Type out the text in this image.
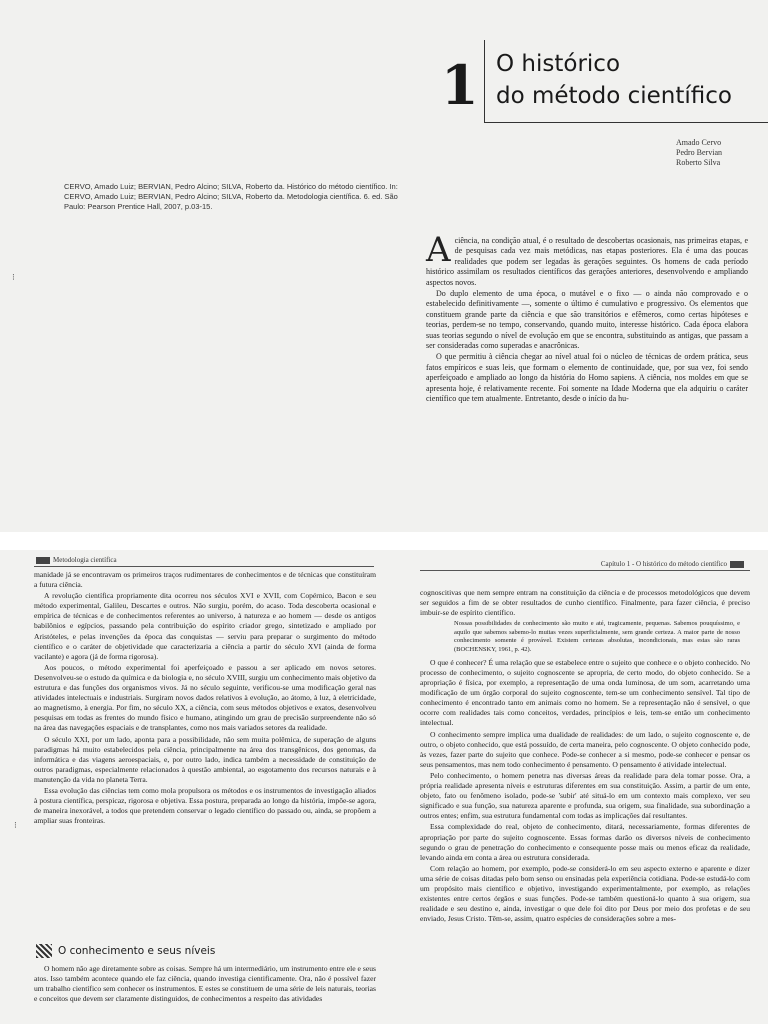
1 O histórico
do método científico
Amado Cervo
Pedro Bervian
Roberto Silva
CERVO, Amado Luiz; BERVIAN, Pedro Alcino; SILVA, Roberto da. Histórico do método científico. In: CERVO, Amado Luiz; BERVIAN, Pedro Alcino; SILVA, Roberto da. Metodologia científica. 6. ed. São Paulo: Pearson Prentice Hall, 2007, p.03-15.

A ciência, na condição atual, é o resultado de descobertas ocasionais, nas primeiras etapas, e de pesquisas cada vez mais metódicas, nas etapas posteriores. Ela é uma das poucas realidades que podem ser legadas às gerações seguintes. Os homens de cada período histórico assimilam os resultados científicos das gerações anteriores, desenvolvendo e ampliando aspectos novos.

Do duplo elemento de uma época, o mutável e o fixo — o ainda não comprovado e o estabelecido definitivamente —, somente o último é cumulativo e progressivo. Os elementos que constituem grande parte da ciência e que são transitórios e efêmeros, como certas hipóteses e teorias, perdem-se no tempo, conservando, quando muito, interesse histórico. Cada época elabora suas teorias segundo o nível de evolução em que se encontra, substituindo as antigas, que passam a ser consideradas como superadas e anacrônicas.

O que permitiu à ciência chegar ao nível atual foi o núcleo de técnicas de ordem prática, seus fatos empíricos e suas leis, que formam o elemento de continuidade, que, por sua vez, foi sendo aperfeiçoado e ampliado ao longo da história do Homo sapiens. A ciência, nos moldes em que se apresenta hoje, é relativamente recente. Foi somente na Idade Moderna que ela adquiriu o caráter científico que tem atualmente. Entretanto, desde o início da hu-

⁝
Metodologia científica

manidade já se encontravam os primeiros traços rudimentares de conhecimentos e de técnicas que constituíram a futura ciência.

A revolução científica propriamente dita ocorreu nos séculos XVI e XVII, com Copérnico, Bacon e seu método experimental, Galileu, Descartes e outros. Não surgiu, porém, do acaso. Toda descoberta ocasional e empírica de técnicas e de conhecimentos referentes ao universo, à natureza e ao homem — desde os antigos babilônios e egípcios, passando pela contribuição do espírito criador grego, sintetizado e ampliado por Aristóteles, e pelas invenções da época das conquistas — serviu para preparar o surgimento do método científico e o caráter de objetividade que caracterizaria a ciência a partir do século XVI (ainda de forma vacilante) e agora (já de forma rigorosa).

Aos poucos, o método experimental foi aperfeiçoado e passou a ser aplicado em novos setores. Desenvolveu-se o estudo da química e da biologia e, no século XVIII, surgiu um conhecimento mais objetivo da estrutura e das funções dos organismos vivos. Já no século seguinte, verificou-se uma modificação geral nas atividades intelectuais e industriais. Surgiram novos dados relativos à evolução, ao átomo, à luz, à eletricidade, ao magnetismo, à energia. Por fim, no século XX, a ciência, com seus métodos objetivos e exatos, desenvolveu pesquisas em todas as frentes do mundo físico e humano, atingindo um grau de precisão surpreendente não só na área das navegações espaciais e de transplantes, como nos mais variados setores da realidade.

O século XXI, por um lado, aponta para a possibilidade, não sem muita polêmica, de superação de alguns paradigmas há muito estabelecidos pela ciência, principalmente na área dos transgênicos, dos genomas, da informática e das viagens aeroespaciais, e, por outro lado, indica também a necessidade de constituição de outros paradigmas, especialmente relacionados à questão ambiental, ao esgotamento dos recursos naturais e à manutenção da vida no planeta Terra.

Essa evolução das ciências tem como mola propulsora os métodos e os instrumentos de investigação aliados à postura científica, perspicaz, rigorosa e objetiva. Essa postura, preparada ao longo da história, impõe-se agora, de maneira inexorável, a todos que pretendem conservar o legado científico do passado ou, ainda, se propõem a ampliar suas fronteiras.

O conhecimento e seus níveis

O homem não age diretamente sobre as coisas. Sempre há um intermediário, um instrumento entre ele e seus atos. Isso também acontece quando ele faz ciência, quando investiga cientificamente. Ora, não é possível fazer um trabalho científico sem conhecer os instrumentos. E estes se constituem de uma série de leis naturais, teorias e conceitos que devem ser claramente distinguidos, de conhecimentos a respeito das atividades

⁝
Capítulo 1 - O histórico do método científico

cognoscitivas que nem sempre entram na constituição da ciência e de processos metodológicos que devem ser seguidos a fim de se obter resultados de cunho científico. Finalmente, para fazer ciência, é preciso imbuir-se de espírito científico.

Nossas possibilidades de conhecimento são muito e até, tragicamente, pequenas. Sabemos pouquíssimo, e aquilo que sabemos sabemo-lo muitas vezes superficialmente, sem grande certeza. A maior parte de nosso conhecimento somente é provável. Existem certezas absolutas, incondicionais, mas estas são raras (BOCHENSKY, 1961, p. 42).

O que é conhecer? É uma relação que se estabelece entre o sujeito que conhece e o objeto conhecido. No processo de conhecimento, o sujeito cognoscente se apropria, de certo modo, do objeto conhecido. Se a apropriação é física, por exemplo, a representação de uma onda luminosa, de um som, acarretando uma modificação de um órgão corporal do sujeito cognoscente, tem-se um conhecimento sensível. Tal tipo de conhecimento é encontrado tanto em animais como no homem. Se a representação não é sensível, o que ocorre com realidades tais como conceitos, verdades, princípios e leis, tem-se então um conhecimento intelectual.

O conhecimento sempre implica uma dualidade de realidades: de um lado, o sujeito cognoscente e, de outro, o objeto conhecido, que está possuído, de certa maneira, pelo cognoscente. O objeto conhecido pode, às vezes, fazer parte do sujeito que conhece. Pode-se conhecer a si mesmo, pode-se conhecer e pensar os seus pensamentos, mas nem todo conhecimento é pensamento. O pensamento é atividade intelectual.

Pelo conhecimento, o homem penetra nas diversas áreas da realidade para dela tomar posse. Ora, a própria realidade apresenta níveis e estruturas diferentes em sua constituição. Assim, a partir de um ente, objeto, fato ou fenômeno isolado, pode-se 'subir' até situá-lo em um contexto mais complexo, ver seu significado e sua função, sua natureza aparente e profunda, sua origem, sua finalidade, sua subordinação a outros entes; enfim, sua estrutura fundamental com todas as implicações daí resultantes.

Essa complexidade do real, objeto de conhecimento, ditará, necessariamente, formas diferentes de apropriação por parte do sujeito cognoscente. Essas formas darão os diversos níveis de conhecimento segundo o grau de penetração do conhecimento e consequente posse mais ou menos eficaz da realidade, levando ainda em conta a área ou estrutura considerada.

Com relação ao homem, por exemplo, pode-se considerá-lo em seu aspecto externo e aparente e dizer uma série de coisas ditadas pelo bom senso ou ensinadas pela experiência cotidiana. Pode-se estudá-lo com um propósito mais científico e objetivo, investigando experimentalmente, por exemplo, as relações existentes entre certos órgãos e suas funções. Pode-se também questioná-lo quanto à sua origem, sua realidade e seu destino e, ainda, investigar o que dele foi dito por Deus por meio dos profetas e de seu enviado, Jesus Cristo. Têm-se, assim, quatro espécies de considerações sobre a mes-
